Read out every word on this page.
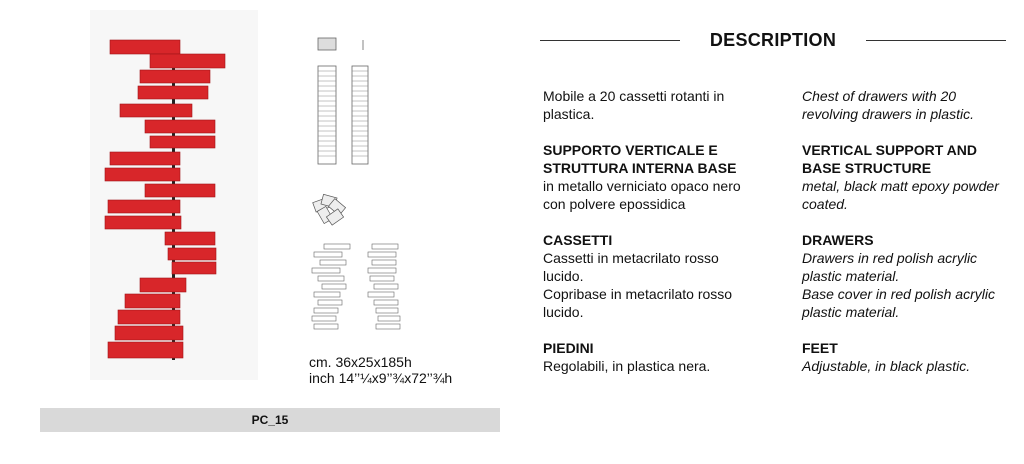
cm. 36x25x185h
inch 14’’¼x9’’¾x72’’¾h
PC_15
DESCRIPTION
Mobile a 20 cassetti rotanti in plastica.
SUPPORTO VERTICALE E STRUTTURA INTERNA BASE
in metallo verniciato opaco nero con polvere epossidica
CASSETTI
Cassetti in metacrilato rosso lucido.
Copribase in metacrilato rosso lucido.
PIEDINI
Regolabili, in plastica nera.
Chest of drawers with 20 revolving drawers in plastic.
VERTICAL SUPPORT AND BASE STRUCTURE
metal, black matt epoxy powder coated.
DRAWERS
Drawers in red polish acrylic plastic material.
Base cover in red polish acrylic plastic material.
FEET
Adjustable, in black plastic.
